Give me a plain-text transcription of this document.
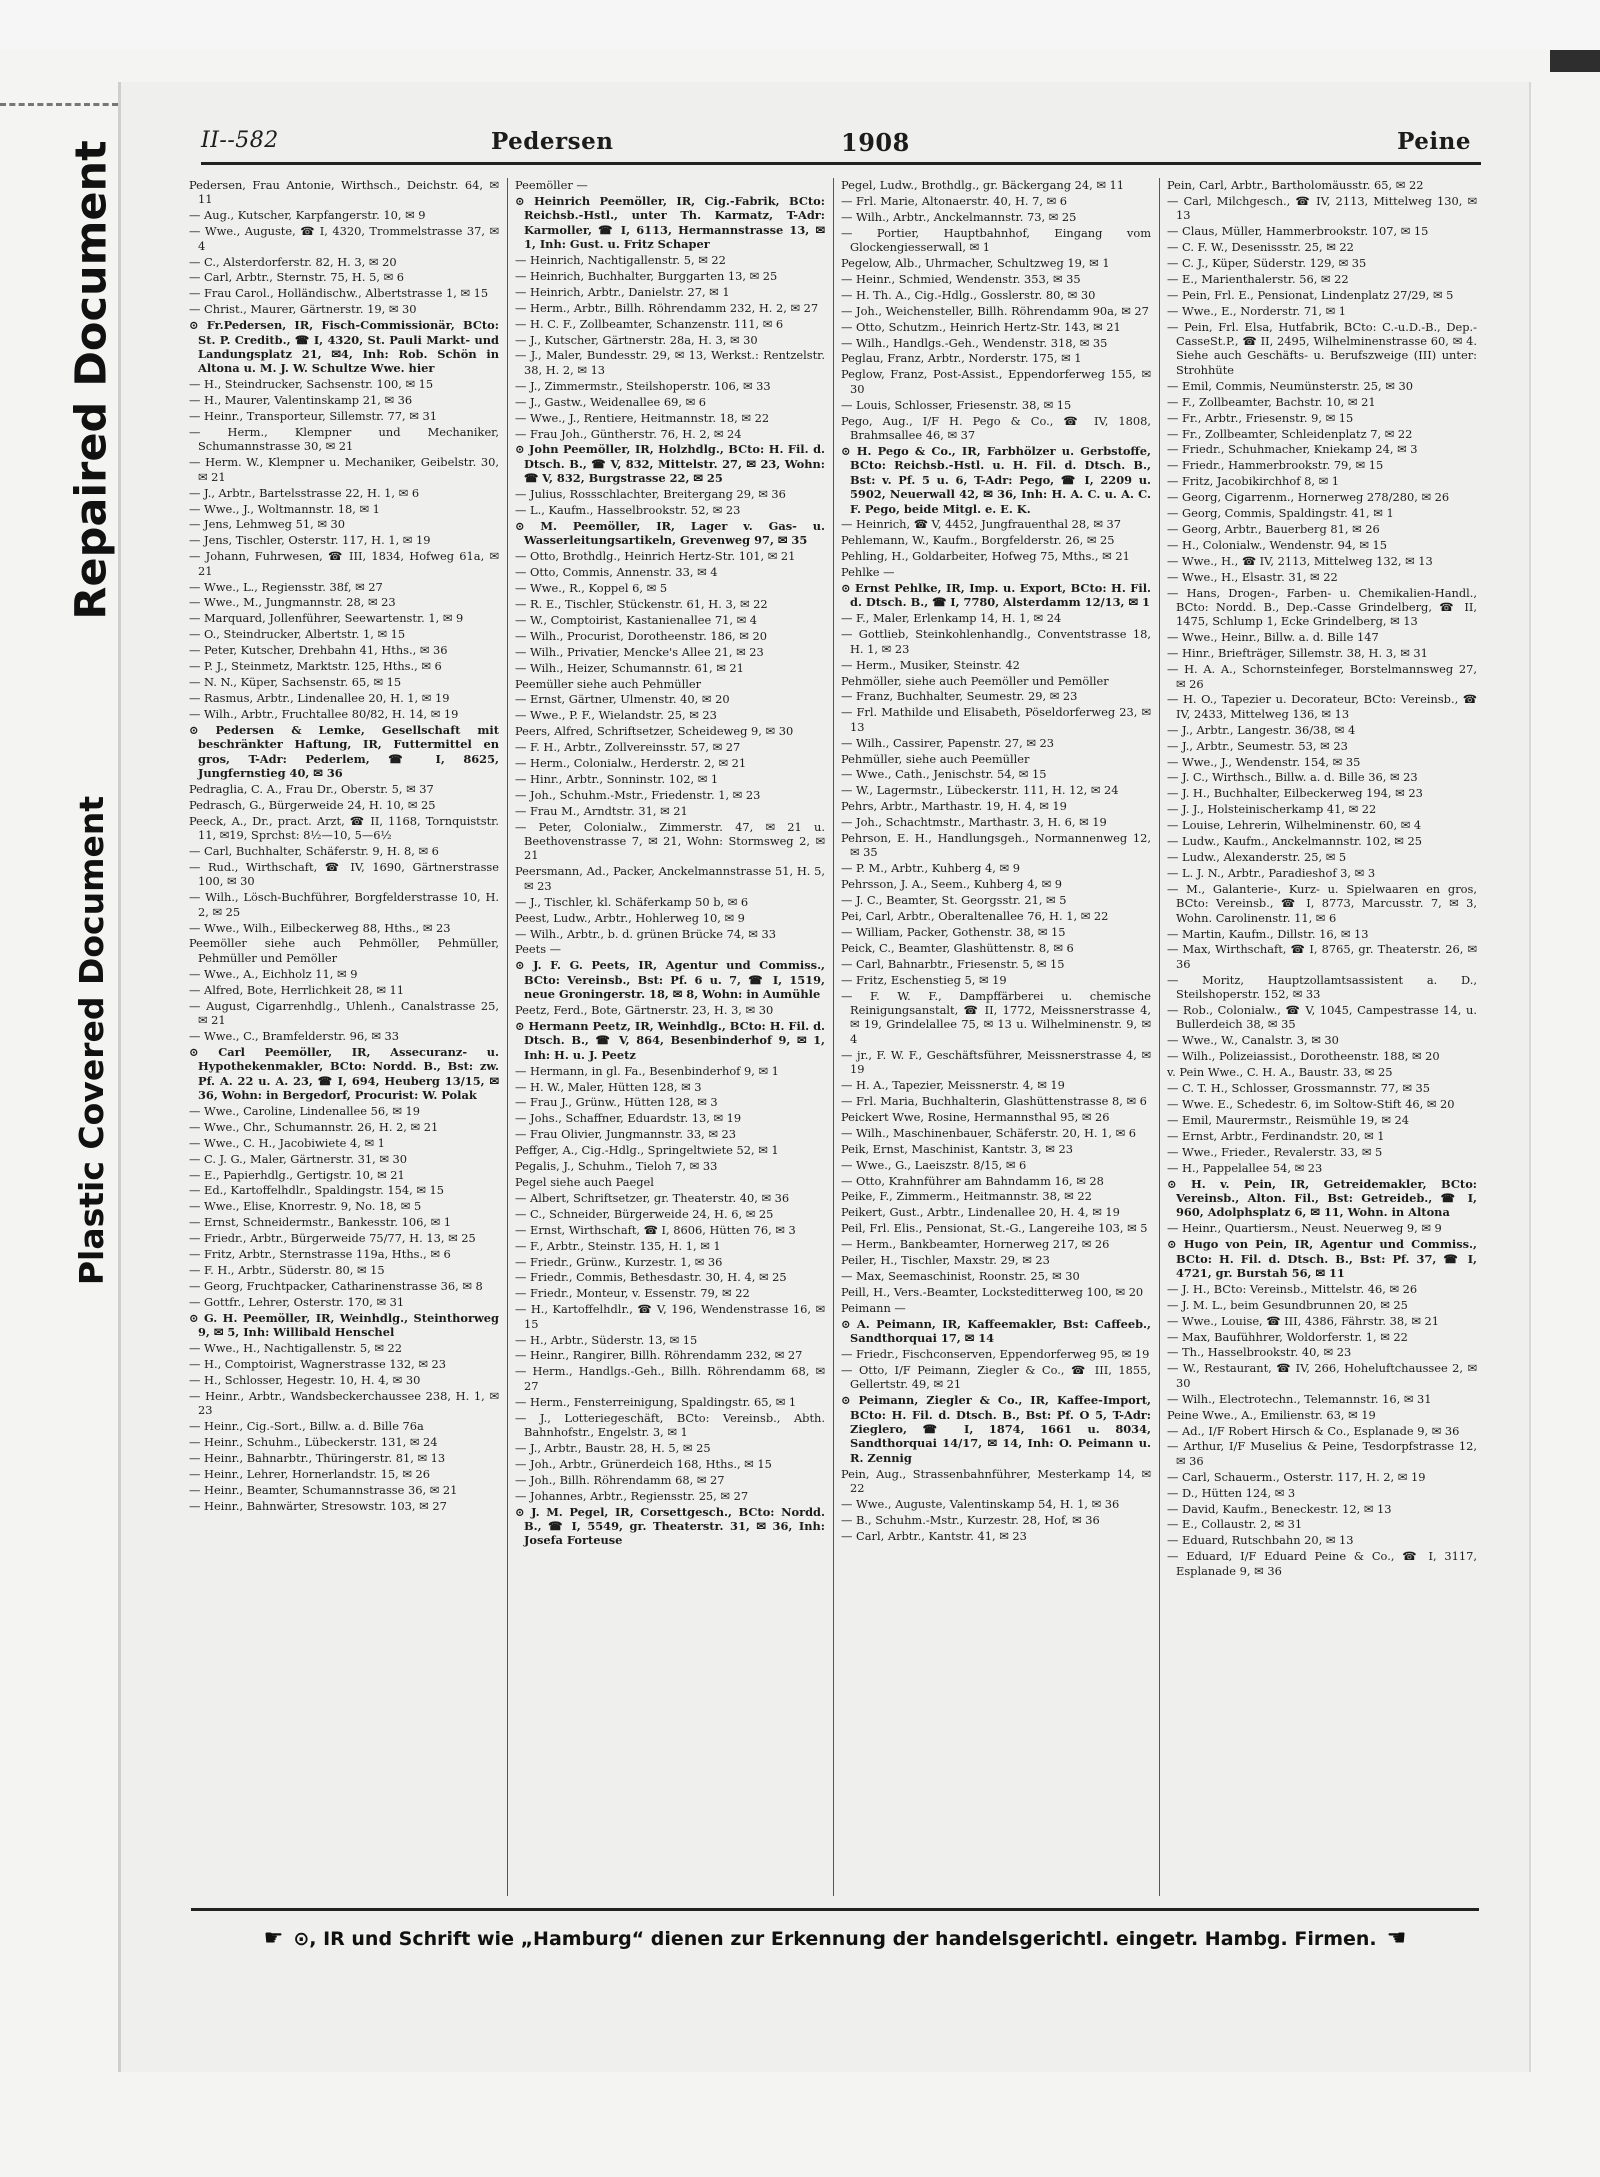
Repaired Document
Plastic Covered Document
II--582	Pedersen	1908	Peine
Pedersen, Frau Antonie, Wirthsch., Deichstr. 64, ✉ 11
— Aug., Kutscher, Karpfangerstr. 10, ✉ 9
— Wwe., Auguste, ☎ I, 4320, Trommelstrasse 37, ✉ 4
— C., Alsterdorferstr. 82, H. 3, ✉ 20
— Carl, Arbtr., Sternstr. 75, H. 5, ✉ 6
— Frau Carol., Holländischw., Albertstrasse 1, ✉ 15
— Christ., Maurer, Gärtnerstr. 19, ✉ 30
⊙ Fr.Pedersen, IR, Fisch-Commissionär, BCto: St. P. Creditb., ☎ I, 4320, St. Pauli Markt- und Landungsplatz 21, ✉4, Inh: Rob. Schön in Altona u. M. J. W. Schultze Wwe. hier
— H., Steindrucker, Sachsenstr. 100, ✉ 15
— H., Maurer, Valentinskamp 21, ✉ 36
— Heinr., Transporteur, Sillemstr. 77, ✉ 31
— Herm., Klempner und Mechaniker, Schumannstrasse 30, ✉ 21
— Herm. W., Klempner u. Mechaniker, Geibelstr. 30, ✉ 21
— J., Arbtr., Bartelsstrasse 22, H. 1, ✉ 6
— Wwe., J., Woltmannstr. 18, ✉ 1
— Jens, Lehmweg 51, ✉ 30
— Jens, Tischler, Osterstr. 117, H. 1, ✉ 19
— Johann, Fuhrwesen, ☎ III, 1834, Hofweg 61a, ✉ 21
— Wwe., L., Regiensstr. 38f, ✉ 27
— Wwe., M., Jungmannstr. 28, ✉ 23
— Marquard, Jollenführer, Seewartenstr. 1, ✉ 9
— O., Steindrucker, Albertstr. 1, ✉ 15
— Peter, Kutscher, Drehbahn 41, Hths., ✉ 36
— P. J., Steinmetz, Marktstr. 125, Hths., ✉ 6
— N. N., Küper, Sachsenstr. 65, ✉ 15
— Rasmus, Arbtr., Lindenallee 20, H. 1, ✉ 19
— Wilh., Arbtr., Fruchtallee 80/82, H. 14, ✉ 19
⊙ Pedersen & Lemke, Gesellschaft mit beschränkter Haftung, IR, Futtermittel en gros, T-Adr: Pederlem, ☎ I, 8625, Jungfernstieg 40, ✉ 36
Pedraglia, C. A., Frau Dr., Oberstr. 5, ✉ 37
Pedrasch, G., Bürgerweide 24, H. 10, ✉ 25
Peeck, A., Dr., pract. Arzt, ☎ II, 1168, Tornquiststr. 11, ✉19, Sprchst: 8½—10, 5—6½
— Carl, Buchhalter, Schäferstr. 9, H. 8, ✉ 6
— Rud., Wirthschaft, ☎ IV, 1690, Gärtnerstrasse 100, ✉ 30
— Wilh., Lösch-Buchführer, Borgfelderstrasse 10, H. 2, ✉ 25
— Wwe., Wilh., Eilbeckerweg 88, Hths., ✉ 23
Peemöller siehe auch Pehmöller, Pehmüller, Pehmüller und Pemöller
— Wwe., A., Eichholz 11, ✉ 9
— Alfred, Bote, Herrlichkeit 28, ✉ 11
— August, Cigarrenhdlg., Uhlenh., Canalstrasse 25, ✉ 21
— Wwe., C., Bramfelderstr. 96, ✉ 33
⊙ Carl Peemöller, IR, Assecuranz- u. Hypothekenmakler, BCto: Nordd. B., Bst: zw. Pf. A. 22 u. A. 23, ☎ I, 694, Heuberg 13/15, ✉ 36, Wohn: in Bergedorf, Procurist: W. Polak
— Wwe., Caroline, Lindenallee 56, ✉ 19
— Wwe., Chr., Schumannstr. 26, H. 2, ✉ 21
— Wwe., C. H., Jacobiwiete 4, ✉ 1
— C. J. G., Maler, Gärtnerstr. 31, ✉ 30
— E., Papierhdlg., Gertigstr. 10, ✉ 21
— Ed., Kartoffelhdlr., Spaldingstr. 154, ✉ 15
— Wwe., Elise, Knorrestr. 9, No. 18, ✉ 5
— Ernst, Schneidermstr., Bankesstr. 106, ✉ 1
— Friedr., Arbtr., Bürgerweide 75/77, H. 13, ✉ 25
— Fritz, Arbtr., Sternstrasse 119a, Hths., ✉ 6
— F. H., Arbtr., Süderstr. 80, ✉ 15
— Georg, Fruchtpacker, Catharinenstrasse 36, ✉ 8
— Gottfr., Lehrer, Osterstr. 170, ✉ 31
⊙ G. H. Peemöller, IR, Weinhdlg., Steinthorweg 9, ✉ 5, Inh: Willibald Henschel
— Wwe., H., Nachtigallenstr. 5, ✉ 22
— H., Comptoirist, Wagnerstrasse 132, ✉ 23
— H., Schlosser, Hegestr. 10, H. 4, ✉ 30
— Heinr., Arbtr., Wandsbeckerchaussee 238, H. 1, ✉ 23
— Heinr., Cig.-Sort., Billw. a. d. Bille 76a
— Heinr., Schuhm., Lübeckerstr. 131, ✉ 24
— Heinr., Bahnarbtr., Thüringerstr. 81, ✉ 13
— Heinr., Lehrer, Hornerlandstr. 15, ✉ 26
— Heinr., Beamter, Schumannstrasse 36, ✉ 21
— Heinr., Bahnwärter, Stresowstr. 103, ✉ 27
Peemöller —
⊙ Heinrich Peemöller, IR, Cig.-Fabrik, BCto: Reichsb.-Hstl., unter Th. Karmatz, T-Adr: Karmoller, ☎ I, 6113, Hermannstrasse 13, ✉ 1, Inh: Gust. u. Fritz Schaper
— Heinrich, Nachtigallenstr. 5, ✉ 22
— Heinrich, Buchhalter, Burggarten 13, ✉ 25
— Heinrich, Arbtr., Danielstr. 27, ✉ 1
— Herm., Arbtr., Billh. Röhrendamm 232, H. 2, ✉ 27
— H. C. F., Zollbeamter, Schanzenstr. 111, ✉ 6
— J., Kutscher, Gärtnerstr. 28a, H. 3, ✉ 30
— J., Maler, Bundesstr. 29, ✉ 13, Werkst.: Rentzelstr. 38, H. 2, ✉ 13
— J., Zimmermstr., Steilshoperstr. 106, ✉ 33
— J., Gastw., Weidenallee 69, ✉ 6
— Wwe., J., Rentiere, Heitmannstr. 18, ✉ 22
— Frau Joh., Güntherstr. 76, H. 2, ✉ 24
⊙ John Peemöller, IR, Holzhdlg., BCto: H. Fil. d. Dtsch. B., ☎ V, 832, Mittelstr. 27, ✉ 23, Wohn: ☎ V, 832, Burgstrasse 22, ✉ 25
— Julius, Rossschlachter, Breitergang 29, ✉ 36
— L., Kaufm., Hasselbrookstr. 52, ✉ 23
⊙ M. Peemöller, IR, Lager v. Gas- u. Wasserleitungsartikeln, Grevenweg 97, ✉ 35
— Otto, Brothdlg., Heinrich Hertz-Str. 101, ✉ 21
— Otto, Commis, Annenstr. 33, ✉ 4
— Wwe., R., Koppel 6, ✉ 5
— R. E., Tischler, Stückenstr. 61, H. 3, ✉ 22
— W., Comptoirist, Kastanienallee 71, ✉ 4
— Wilh., Procurist, Dorotheenstr. 186, ✉ 20
— Wilh., Privatier, Mencke's Allee 21, ✉ 23
— Wilh., Heizer, Schumannstr. 61, ✉ 21
Peemüller siehe auch Pehmüller
— Ernst, Gärtner, Ulmenstr. 40, ✉ 20
— Wwe., P. F., Wielandstr. 25, ✉ 23
Peers, Alfred, Schriftsetzer, Scheideweg 9, ✉ 30
— F. H., Arbtr., Zollvereinsstr. 57, ✉ 27
— Herm., Colonialw., Herderstr. 2, ✉ 21
— Hinr., Arbtr., Sonninstr. 102, ✉ 1
— Joh., Schuhm.-Mstr., Friedenstr. 1, ✉ 23
— Frau M., Arndtstr. 31, ✉ 21
— Peter, Colonialw., Zimmerstr. 47, ✉ 21 u. Beethovenstrasse 7, ✉ 21, Wohn: Stormsweg 2, ✉ 21
Peersmann, Ad., Packer, Anckelmannstrasse 51, H. 5, ✉ 23
— J., Tischler, kl. Schäferkamp 50 b, ✉ 6
Peest, Ludw., Arbtr., Hohlerweg 10, ✉ 9
— Wilh., Arbtr., b. d. grünen Brücke 74, ✉ 33
Peets —
⊙ J. F. G. Peets, IR, Agentur und Commiss., BCto: Vereinsb., Bst: Pf. 6 u. 7, ☎ I, 1519, neue Groningerstr. 18, ✉ 8, Wohn: in Aumühle
Peetz, Ferd., Bote, Gärtnerstr. 23, H. 3, ✉ 30
⊙ Hermann Peetz, IR, Weinhdlg., BCto: H. Fil. d. Dtsch. B., ☎ V, 864, Besenbinderhof 9, ✉ 1, Inh: H. u. J. Peetz
— Hermann, in gl. Fa., Besenbinderhof 9, ✉ 1
— H. W., Maler, Hütten 128, ✉ 3
— Frau J., Grünw., Hütten 128, ✉ 3
— Johs., Schaffner, Eduardstr. 13, ✉ 19
— Frau Olivier, Jungmannstr. 33, ✉ 23
Peffger, A., Cig.-Hdlg., Springeltwiete 52, ✉ 1
Pegalis, J., Schuhm., Tieloh 7, ✉ 33
Pegel siehe auch Paegel
— Albert, Schriftsetzer, gr. Theaterstr. 40, ✉ 36
— C., Schneider, Bürgerweide 24, H. 6, ✉ 25
— Ernst, Wirthschaft, ☎ I, 8606, Hütten 76, ✉ 3
— F., Arbtr., Steinstr. 135, H. 1, ✉ 1
— Friedr., Grünw., Kurzestr. 1, ✉ 36
— Friedr., Commis, Bethesdastr. 30, H. 4, ✉ 25
— Friedr., Monteur, v. Essenstr. 79, ✉ 22
— H., Kartoffelhdlr., ☎ V, 196, Wendenstrasse 16, ✉ 15
— H., Arbtr., Süderstr. 13, ✉ 15
— Heinr., Rangirer, Billh. Röhrendamm 232, ✉ 27
— Herm., Handlgs.-Geh., Billh. Röhrendamm 68, ✉ 27
— Herm., Fensterreinigung, Spaldingstr. 65, ✉ 1
— J., Lotteriegeschäft, BCto: Vereinsb., Abth. Bahnhofstr., Engelstr. 3, ✉ 1
— J., Arbtr., Baustr. 28, H. 5, ✉ 25
— Joh., Arbtr., Grünerdeich 168, Hths., ✉ 15
— Joh., Billh. Röhrendamm 68, ✉ 27
— Johannes, Arbtr., Regiensstr. 25, ✉ 27
⊙ J. M. Pegel, IR, Corsettgesch., BCto: Nordd. B., ☎ I, 5549, gr. Theaterstr. 31, ✉ 36, Inh: Josefa Forteuse
Pegel, Ludw., Brothdlg., gr. Bäckergang 24, ✉ 11
— Frl. Marie, Altonaerstr. 40, H. 7, ✉ 6
— Wilh., Arbtr., Anckelmannstr. 73, ✉ 25
— Portier, Hauptbahnhof, Eingang vom Glockengiesserwall, ✉ 1
Pegelow, Alb., Uhrmacher, Schultzweg 19, ✉ 1
— Heinr., Schmied, Wendenstr. 353, ✉ 35
— H. Th. A., Cig.-Hdlg., Gosslerstr. 80, ✉ 30
— Joh., Weichensteller, Billh. Röhrendamm 90a, ✉ 27
— Otto, Schutzm., Heinrich Hertz-Str. 143, ✉ 21
— Wilh., Handlgs.-Geh., Wendenstr. 318, ✉ 35
Peglau, Franz, Arbtr., Norderstr. 175, ✉ 1
Peglow, Franz, Post-Assist., Eppendorferweg 155, ✉ 30
— Louis, Schlosser, Friesenstr. 38, ✉ 15
Pego, Aug., I/F H. Pego & Co., ☎ IV, 1808, Brahmsallee 46, ✉ 37
⊙ H. Pego & Co., IR, Farbhölzer u. Gerbstoffe, BCto: Reichsb.-Hstl. u. H. Fil. d. Dtsch. B., Bst: v. Pf. 5 u. 6, T-Adr: Pego, ☎ I, 2209 u. 5902, Neuerwall 42, ✉ 36, Inh: H. A. C. u. A. C. F. Pego, beide Mitgl. e. E. K.
— Heinrich, ☎ V, 4452, Jungfrauenthal 28, ✉ 37
Pehlemann, W., Kaufm., Borgfelderstr. 26, ✉ 25
Pehling, H., Goldarbeiter, Hofweg 75, Mths., ✉ 21
Pehlke —
⊙ Ernst Pehlke, IR, Imp. u. Export, BCto: H. Fil. d. Dtsch. B., ☎ I, 7780, Alsterdamm 12/13, ✉ 1
— F., Maler, Erlenkamp 14, H. 1, ✉ 24
— Gottlieb, Steinkohlenhandlg., Conventstrasse 18, H. 1, ✉ 23
— Herm., Musiker, Steinstr. 42
Pehmöller, siehe auch Peemöller und Pemöller
— Franz, Buchhalter, Seumestr. 29, ✉ 23
— Frl. Mathilde und Elisabeth, Pöseldorferweg 23, ✉ 13
— Wilh., Cassirer, Papenstr. 27, ✉ 23
Pehmüller, siehe auch Peemüller
— Wwe., Cath., Jenischstr. 54, ✉ 15
— W., Lagermstr., Lübeckerstr. 111, H. 12, ✉ 24
Pehrs, Arbtr., Marthastr. 19, H. 4, ✉ 19
— Joh., Schachtmstr., Marthastr. 3, H. 6, ✉ 19
Pehrson, E. H., Handlungsgeh., Normannenweg 12, ✉ 35
— P. M., Arbtr., Kuhberg 4, ✉ 9
Pehrsson, J. A., Seem., Kuhberg 4, ✉ 9
— J. C., Beamter, St. Georgsstr. 21, ✉ 5
Pei, Carl, Arbtr., Oberaltenallee 76, H. 1, ✉ 22
— William, Packer, Gothenstr. 38, ✉ 15
Peick, C., Beamter, Glashüttenstr. 8, ✉ 6
— Carl, Bahnarbtr., Friesenstr. 5, ✉ 15
— Fritz, Eschenstieg 5, ✉ 19
— F. W. F., Dampffärberei u. chemische Reinigungsanstalt, ☎ II, 1772, Meissnerstrasse 4, ✉ 19, Grindelallee 75, ✉ 13 u. Wilhelminenstr. 9, ✉ 4
— jr., F. W. F., Geschäftsführer, Meissnerstrasse 4, ✉ 19
— H. A., Tapezier, Meissnerstr. 4, ✉ 19
— Frl. Maria, Buchhalterin, Glashüttenstrasse 8, ✉ 6
Peickert Wwe, Rosine, Hermannsthal 95, ✉ 26
— Wilh., Maschinenbauer, Schäferstr. 20, H. 1, ✉ 6
Peik, Ernst, Maschinist, Kantstr. 3, ✉ 23
— Wwe., G., Laeiszstr. 8/15, ✉ 6
— Otto, Krahnführer am Bahndamm 16, ✉ 28
Peike, F., Zimmerm., Heitmannstr. 38, ✉ 22
Peikert, Gust., Arbtr., Lindenallee 20, H. 4, ✉ 19
Peil, Frl. Elis., Pensionat, St.-G., Langereihe 103, ✉ 5
— Herm., Bankbeamter, Hornerweg 217, ✉ 26
Peiler, H., Tischler, Maxstr. 29, ✉ 23
— Max, Seemaschinist, Roonstr. 25, ✉ 30
Peill, H., Vers.-Beamter, Locksteditterweg 100, ✉ 20
Peimann —
⊙ A. Peimann, IR, Kaffeemakler, Bst: Caffeeb., Sandthorquai 17, ✉ 14
— Friedr., Fischconserven, Eppendorferweg 95, ✉ 19
— Otto, I/F Peimann, Ziegler & Co., ☎ III, 1855, Gellertstr. 49, ✉ 21
⊙ Peimann, Ziegler & Co., IR, Kaffee-Import, BCto: H. Fil. d. Dtsch. B., Bst: Pf. O 5, T-Adr: Zieglero, ☎ I, 1874, 1661 u. 8034, Sandthorquai 14/17, ✉ 14, Inh: O. Peimann u. R. Zennig
Pein, Aug., Strassenbahnführer, Mesterkamp 14, ✉ 22
— Wwe., Auguste, Valentinskamp 54, H. 1, ✉ 36
— B., Schuhm.-Mstr., Kurzestr. 28, Hof, ✉ 36
— Carl, Arbtr., Kantstr. 41, ✉ 23
Pein, Carl, Arbtr., Bartholomäusstr. 65, ✉ 22
— Carl, Milchgesch., ☎ IV, 2113, Mittelweg 130, ✉ 13
— Claus, Müller, Hammerbrookstr. 107, ✉ 15
— C. F. W., Desenissstr. 25, ✉ 22
— C. J., Küper, Süderstr. 129, ✉ 35
— E., Marienthalerstr. 56, ✉ 22
— Pein, Frl. E., Pensionat, Lindenplatz 27/29, ✉ 5
— Wwe., E., Norderstr. 71, ✉ 1
— Pein, Frl. Elsa, Hutfabrik, BCto: C.-u.D.-B., Dep.-CasseSt.P., ☎ II, 2495, Wilhelminenstrasse 60, ✉ 4. Siehe auch Geschäfts- u. Berufszweige (III) unter: Strohhüte
— Emil, Commis, Neumünsterstr. 25, ✉ 30
— F., Zollbeamter, Bachstr. 10, ✉ 21
— Fr., Arbtr., Friesenstr. 9, ✉ 15
— Fr., Zollbeamter, Schleidenplatz 7, ✉ 22
— Friedr., Schuhmacher, Kniekamp 24, ✉ 3
— Friedr., Hammerbrookstr. 79, ✉ 15
— Fritz, Jacobikirchhof 8, ✉ 1
— Georg, Cigarrenm., Hornerweg 278/280, ✉ 26
— Georg, Commis, Spaldingstr. 41, ✉ 1
— Georg, Arbtr., Bauerberg 81, ✉ 26
— H., Colonialw., Wendenstr. 94, ✉ 15
— Wwe., H., ☎ IV, 2113, Mittelweg 132, ✉ 13
— Wwe., H., Elsastr. 31, ✉ 22
— Hans, Drogen-, Farben- u. Chemikalien-Handl., BCto: Nordd. B., Dep.-Casse Grindelberg, ☎ II, 1475, Schlump 1, Ecke Grindelberg, ✉ 13
— Wwe., Heinr., Billw. a. d. Bille 147
— Hinr., Briefträger, Sillemstr. 38, H. 3, ✉ 31
— H. A. A., Schornsteinfeger, Borstelmannsweg 27, ✉ 26
— H. O., Tapezier u. Decorateur, BCto: Vereinsb., ☎ IV, 2433, Mittelweg 136, ✉ 13
— J., Arbtr., Langestr. 36/38, ✉ 4
— J., Arbtr., Seumestr. 53, ✉ 23
— Wwe., J., Wendenstr. 154, ✉ 35
— J. C., Wirthsch., Billw. a. d. Bille 36, ✉ 23
— J. H., Buchhalter, Eilbeckerweg 194, ✉ 23
— J. J., Holsteinischerkamp 41, ✉ 22
— Louise, Lehrerin, Wilhelminenstr. 60, ✉ 4
— Ludw., Kaufm., Anckelmannstr. 102, ✉ 25
— Ludw., Alexanderstr. 25, ✉ 5
— L. J. N., Arbtr., Paradieshof 3, ✉ 3
— M., Galanterie-, Kurz- u. Spielwaaren en gros, BCto: Vereinsb., ☎ I, 8773, Marcusstr. 7, ✉ 3, Wohn. Carolinenstr. 11, ✉ 6
— Martin, Kaufm., Dillstr. 16, ✉ 13
— Max, Wirthschaft, ☎ I, 8765, gr. Theaterstr. 26, ✉ 36
— Moritz, Hauptzollamtsassistent a. D., Steilshoperstr. 152, ✉ 33
— Rob., Colonialw., ☎ V, 1045, Campestrasse 14, u. Bullerdeich 38, ✉ 35
— Wwe., W., Canalstr. 3, ✉ 30
— Wilh., Polizeiassist., Dorotheenstr. 188, ✉ 20
v. Pein Wwe., C. H. A., Baustr. 33, ✉ 25
— C. T. H., Schlosser, Grossmannstr. 77, ✉ 35
— Wwe. E., Schedestr. 6, im Soltow-Stift 46, ✉ 20
— Emil, Maurermstr., Reismühle 19, ✉ 24
— Ernst, Arbtr., Ferdinandstr. 20, ✉ 1
— Wwe., Frieder., Revalerstr. 33, ✉ 5
— H., Pappelallee 54, ✉ 23
⊙ H. v. Pein, IR, Getreidemakler, BCto: Vereinsb., Alton. Fil., Bst: Getreideb., ☎ I, 960, Adolphsplatz 6, ✉ 11, Wohn. in Altona
— Heinr., Quartiersm., Neust. Neuerweg 9, ✉ 9
⊙ Hugo von Pein, IR, Agentur und Commiss., BCto: H. Fil. d. Dtsch. B., Bst: Pf. 37, ☎ I, 4721, gr. Burstah 56, ✉ 11
— J. H., BCto: Vereinsb., Mittelstr. 46, ✉ 26
— J. M. L., beim Gesundbrunnen 20, ✉ 25
— Wwe., Louise, ☎ III, 4386, Fährstr. 38, ✉ 21
— Max, Baufühhrer, Woldorferstr. 1, ✉ 22
— Th., Hasselbrookstr. 40, ✉ 23
— W., Restaurant, ☎ IV, 266, Hoheluftchaussee 2, ✉ 30
— Wilh., Electrotechn., Telemannstr. 16, ✉ 31
Peine Wwe., A., Emilienstr. 63, ✉ 19
— Ad., I/F Robert Hirsch & Co., Esplanade 9, ✉ 36
— Arthur, I/F Muselius & Peine, Tesdorpfstrasse 12, ✉ 36
— Carl, Schauerm., Osterstr. 117, H. 2, ✉ 19
— D., Hütten 124, ✉ 3
— David, Kaufm., Beneckestr. 12, ✉ 13
— E., Collaustr. 2, ✉ 31
— Eduard, Rutschbahn 20, ✉ 13
— Eduard, I/F Eduard Peine & Co., ☎ I, 3117, Esplanade 9, ✉ 36
☛ ⊙, IR und Schrift wie „Hamburg“ dienen zur Erkennung der handelsgerichtl. eingetr. Hambg. Firmen. ☚
